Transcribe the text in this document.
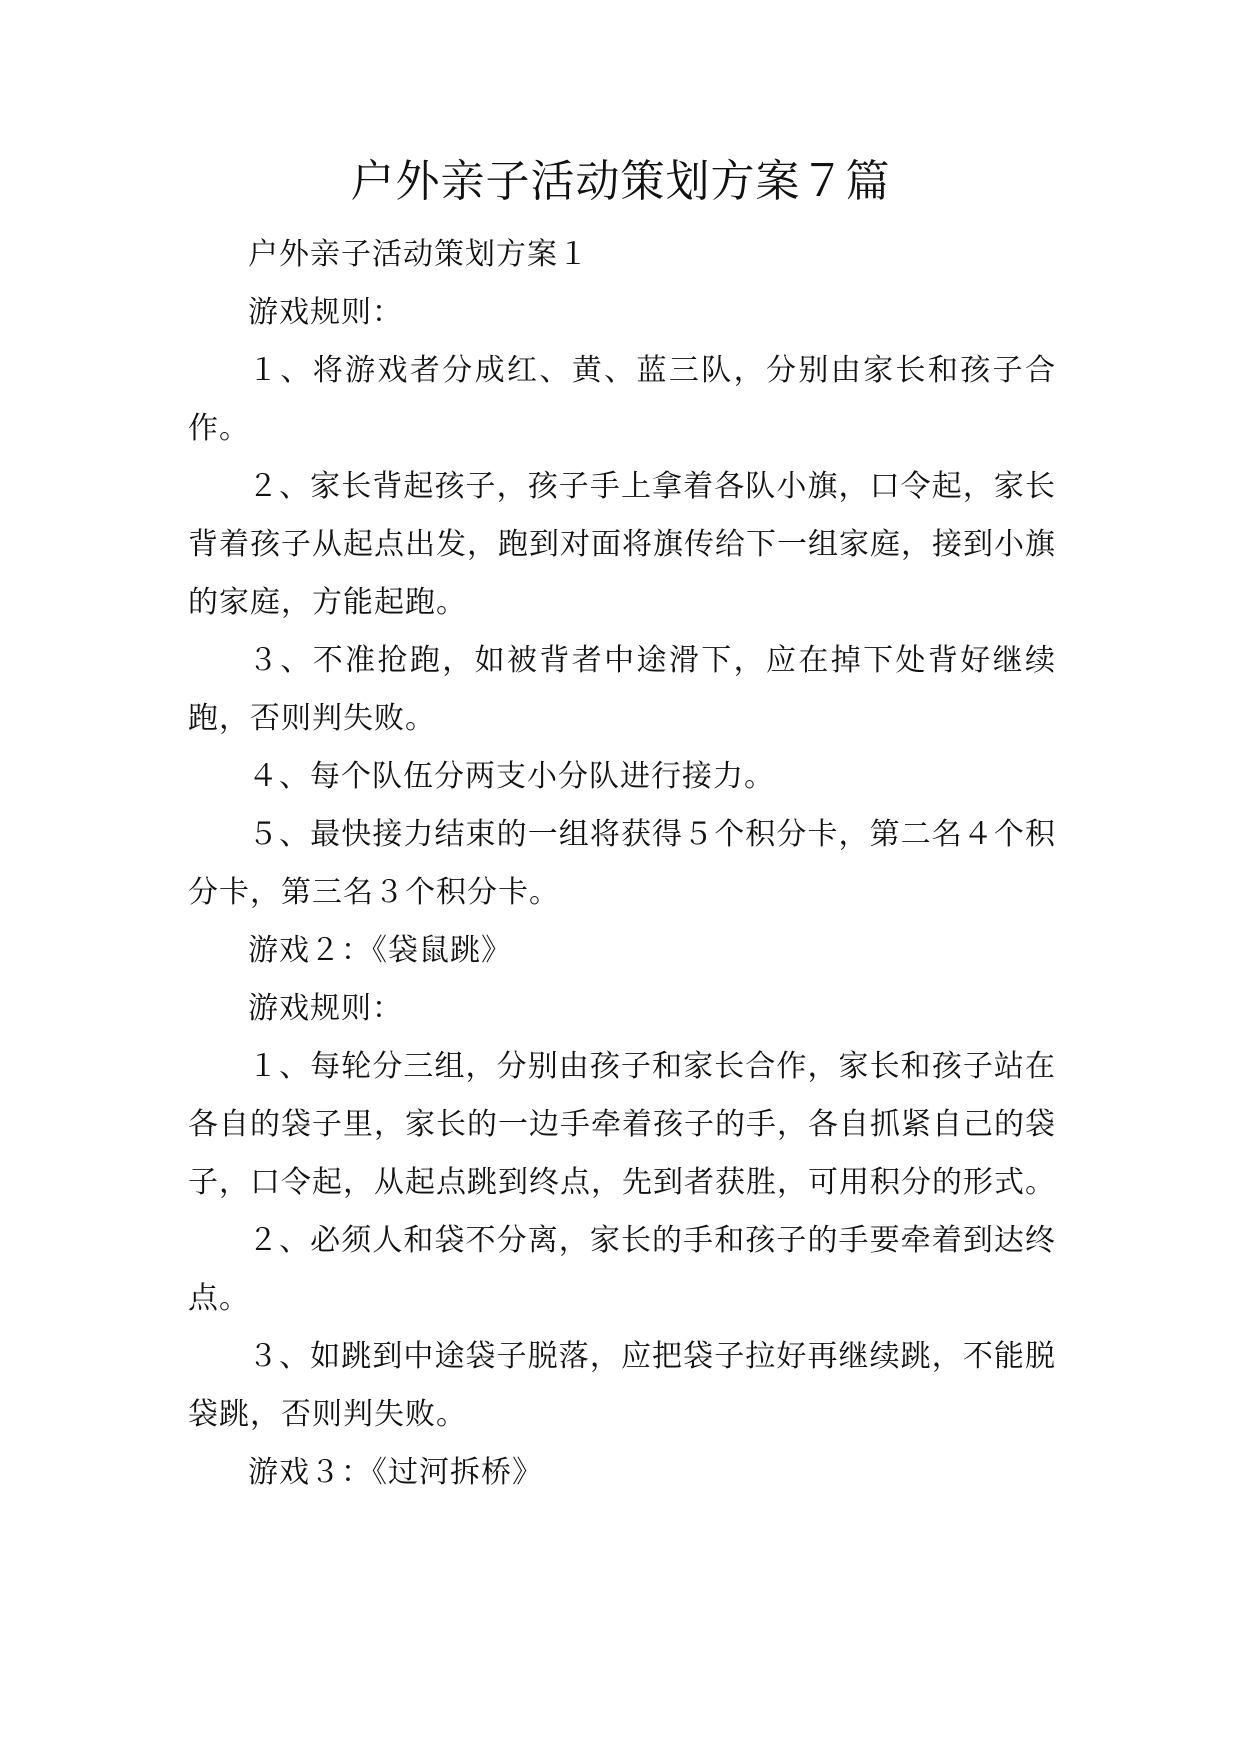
户外亲子活动策划方案７篇

户外亲子活动策划方案１

游戏规则：

１、将游戏者分成红、黄、蓝三队，分别由家长和孩子合作。

２、家长背起孩子，孩子手上拿着各队小旗，口令起，家长背着孩子从起点出发，跑到对面将旗传给下一组家庭，接到小旗的家庭，方能起跑。

３、不准抢跑，如被背者中途滑下，应在掉下处背好继续跑，否则判失败。

４、每个队伍分两支小分队进行接力。

５、最快接力结束的一组将获得５个积分卡，第二名４个积分卡，第三名３个积分卡。

游戏２：《袋鼠跳》

游戏规则：

１、每轮分三组，分别由孩子和家长合作，家长和孩子站在各自的袋子里，家长的一边手牵着孩子的手，各自抓紧自己的袋子，口令起，从起点跳到终点，先到者获胜，可用积分的形式。

２、必须人和袋不分离，家长的手和孩子的手要牵着到达终点。

３、如跳到中途袋子脱落，应把袋子拉好再继续跳，不能脱袋跳，否则判失败。

游戏３：《过河拆桥》
